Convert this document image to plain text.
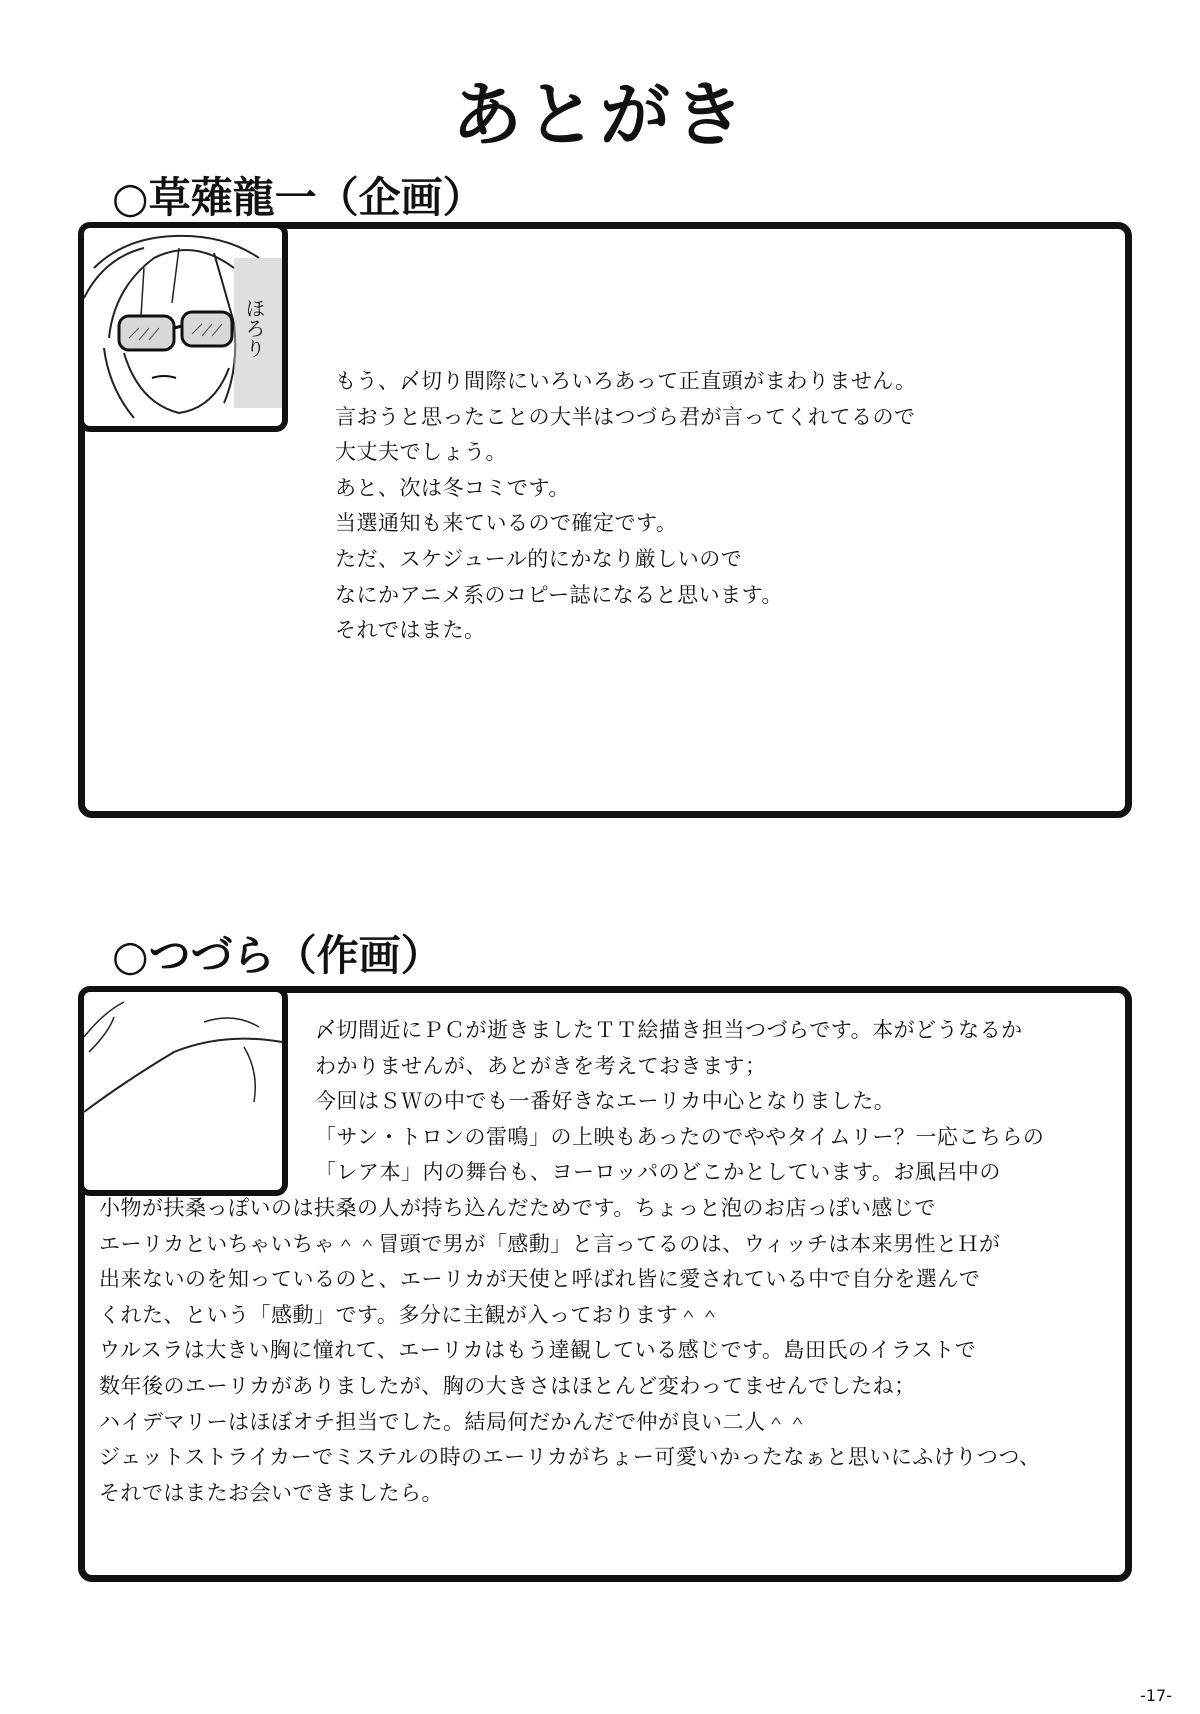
あとがき
○草薙龍一（企画）
ほろり
もう、〆切り間際にいろいろあって正直頭がまわりません。
言おうと思ったことの大半はつづら君が言ってくれてるので
大丈夫でしょう。
あと、次は冬コミです。
当選通知も来ているので確定です。
ただ、スケジュール的にかなり厳しいので
なにかアニメ系のコピー誌になると思います。
それではまた。
○つづら（作画）
〆切間近にＰＣが逝きましたＴＴ絵描き担当つづらです。本がどうなるか
わかりませんが、あとがきを考えておきます；
今回はＳＷの中でも一番好きなエーリカ中心となりました。
「サン・トロンの雷鳴」の上映もあったのでややタイムリー？一応こちらの
「レア本」内の舞台も、ヨーロッパのどこかとしています。お風呂中の
小物が扶桑っぽいのは扶桑の人が持ち込んだためです。ちょっと泡のお店っぽい感じで
エーリカといちゃいちゃ＾＾冒頭で男が「感動」と言ってるのは、ウィッチは本来男性とＨが
出来ないのを知っているのと、エーリカが天使と呼ばれ皆に愛されている中で自分を選んで
くれた、という「感動」です。多分に主観が入っております＾＾
ウルスラは大きい胸に憧れて、エーリカはもう達観している感じです。島田氏のイラストで
数年後のエーリカがありましたが、胸の大きさはほとんど変わってませんでしたね；
ハイデマリーはほぼオチ担当でした。結局何だかんだで仲が良い二人＾＾
ジェットストライカーでミステルの時のエーリカがちょー可愛いかったなぁと思いにふけりつつ、
それではまたお会いできましたら。
-17-
